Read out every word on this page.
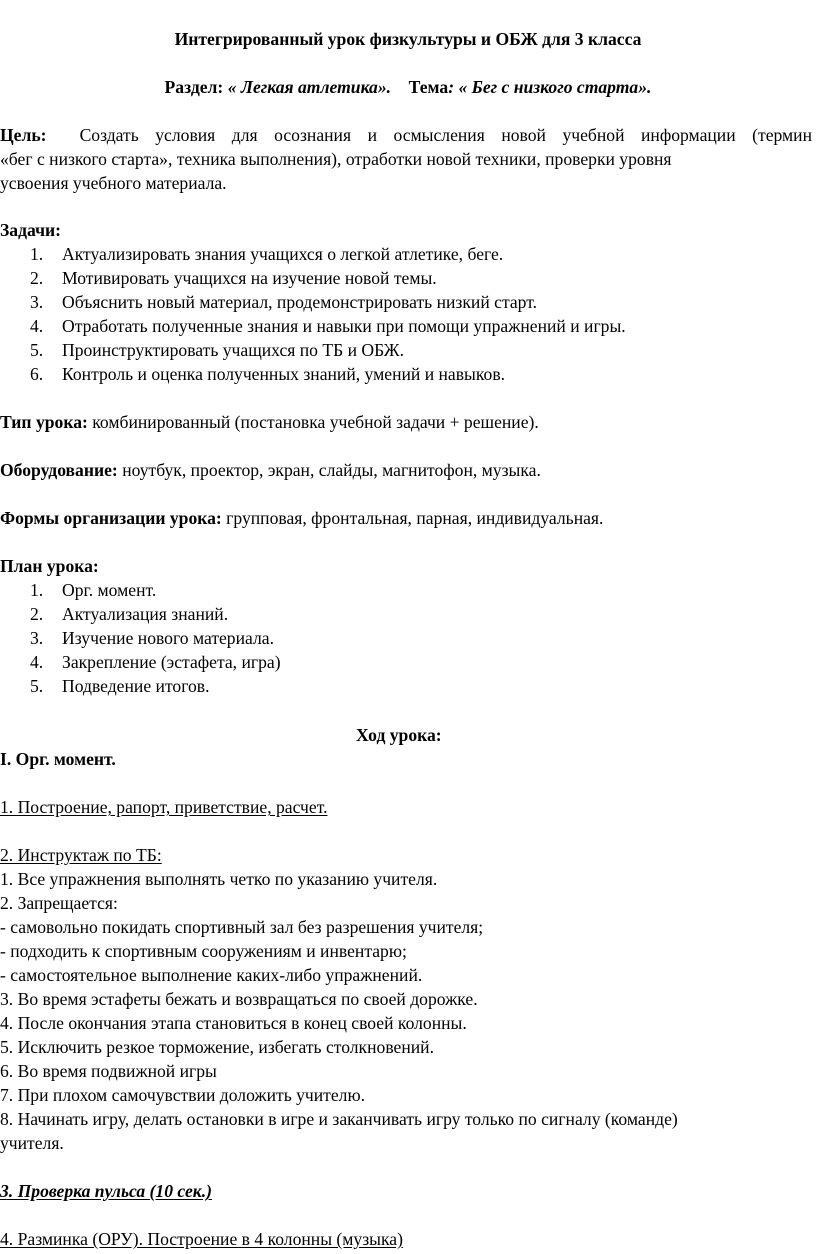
Интегрированный урок физкультуры и ОБЖ для 3 класса
Раздел: « Легкая атлетика». Тема: « Бег с низкого старта».
Цель: Создать условия для осознания и осмысления новой учебной информации (термин
«бег с низкого старта», техника выполнения), отработки новой техники, проверки уровня
усвоения учебного материала.
Задачи:
1. Актуализировать знания учащихся о легкой атлетике, беге.
2. Мотивировать учащихся на изучение новой темы.
3. Объяснить новый материал, продемонстрировать низкий старт.
4. Отработать полученные знания и навыки при помощи упражнений и игры.
5. Проинструктировать учащихся по ТБ и ОБЖ.
6. Контроль и оценка полученных знаний, умений и навыков.
Тип урока: комбинированный (постановка учебной задачи + решение).
Оборудование: ноутбук, проектор, экран, слайды, магнитофон, музыка.
Формы организации урока: групповая, фронтальная, парная, индивидуальная.
План урока:
1. Орг. момент.
2. Актуализация знаний.
3. Изучение нового материала.
4. Закрепление (эстафета, игра)
5. Подведение итогов.
Ход урока:
I. Орг. момент.
1. Построение, рапорт, приветствие, расчет.
2. Инструктаж по ТБ:
1. Все упражнения выполнять четко по указанию учителя.
2. Запрещается:
- самовольно покидать спортивный зал без разрешения учителя;
- подходить к спортивным сооружениям и инвентарю;
- самостоятельное выполнение каких-либо упражнений.
3. Во время эстафеты бежать и возвращаться по своей дорожке.
4. После окончания этапа становиться в конец своей колонны.
5. Исключить резкое торможение, избегать столкновений.
6. Во время подвижной игры
7. При плохом самочувствии доложить учителю.
8. Начинать игру, делать остановки в игре и заканчивать игру только по сигналу (команде)
учителя.
3. Проверка пульса (10 сек.)
4. Разминка (ОРУ). Построение в 4 колонны (музыка)
